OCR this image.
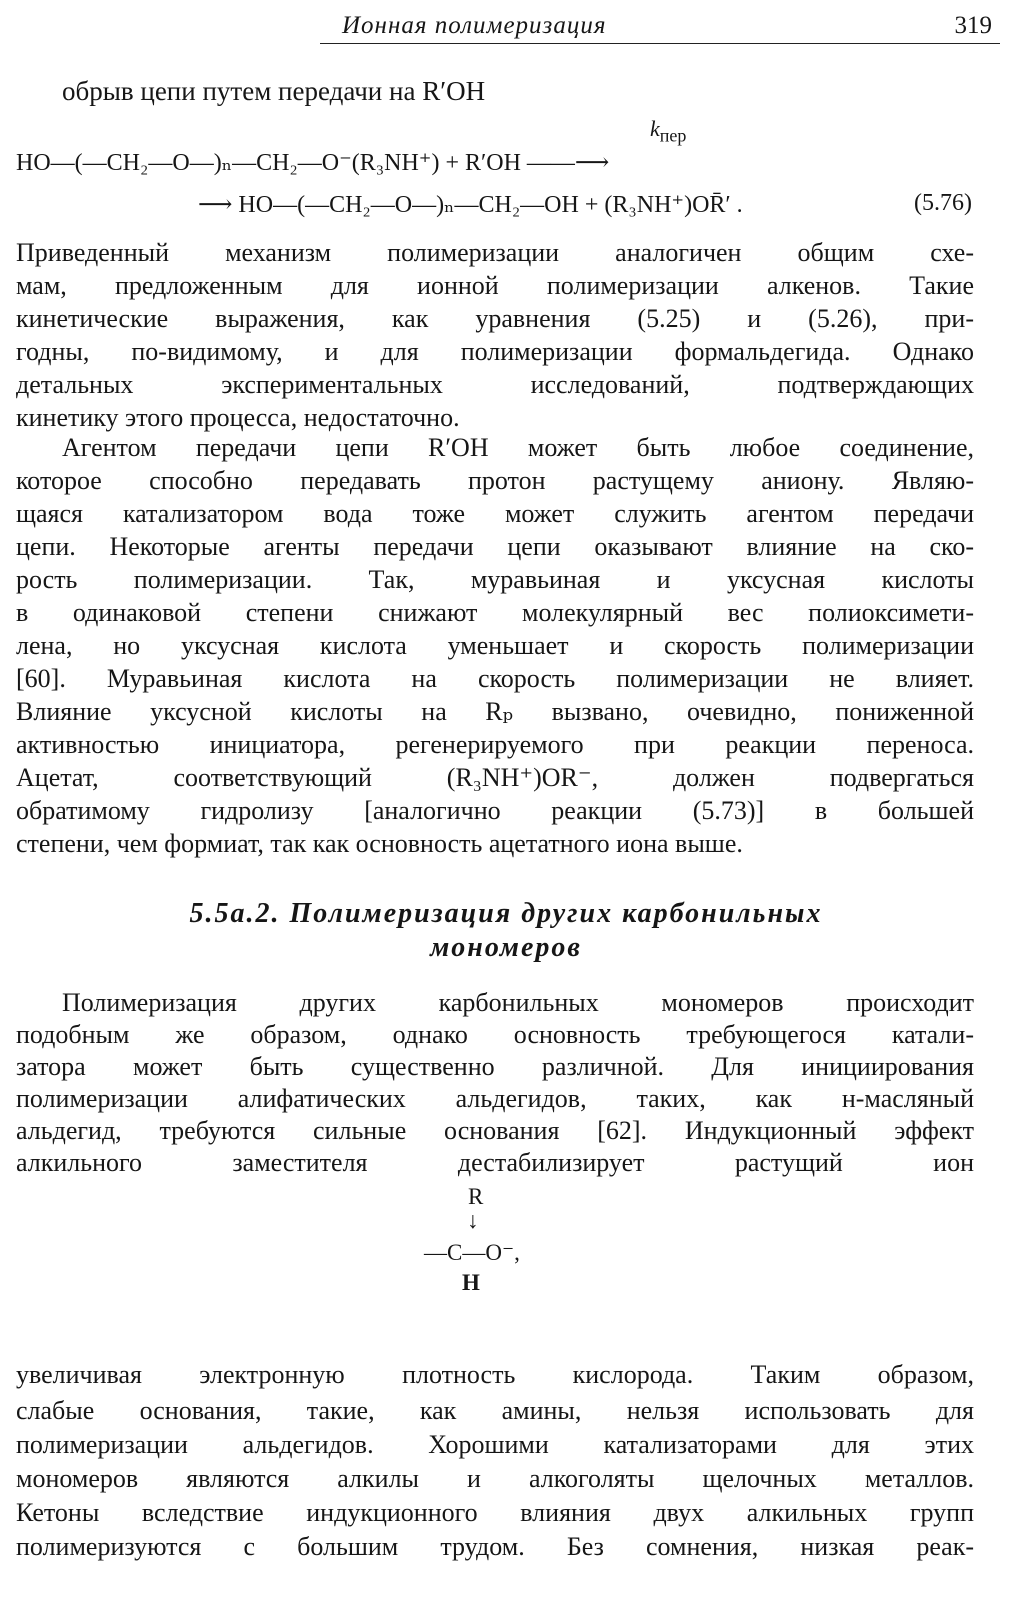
Ионная полимеризация	319
обрыв цепи путем передачи на R′OH
$k_{пер}$
HO—(—CH₂—O—)ₙ—CH₂—O⁻(R₃NH⁺) + R′OH ——⟶
⟶ HO—(—CH₂—O—)ₙ—CH₂—OH + (R₃NH⁺)OR̄′ .	(5.76)
Приведенный механизм полимеризации аналогичен общим схе-
мам, предложенным для ионной полимеризации алкенов. Такие
кинетические выражения, как уравнения (5.25) и (5.26), при-
годны, по-видимому, и для полимеризации формальдегида. Однако
детальных экспериментальных исследований, подтверждающих
кинетику этого процесса, недостаточно.
Агентом передачи цепи R′OH может быть любое соединение,
которое способно передавать протон растущему аниону. Являю-
щаяся катализатором вода тоже может служить агентом передачи
цепи. Некоторые агенты передачи цепи оказывают влияние на ско-
рость полимеризации. Так, муравьиная и уксусная кислоты
в одинаковой степени снижают молекулярный вес полиоксимети-
лена, но уксусная кислота уменьшает и скорость полимеризации
[60]. Муравьиная кислота на скорость полимеризации не влияет.
Влияние уксусной кислоты на Rₚ вызвано, очевидно, пониженной
активностью инициатора, регенерируемого при реакции переноса.
Ацетат, соответствующий (R₃NH⁺)OR⁻, должен подвергаться
обратимому гидролизу [аналогично реакции (5.73)] в большей
степени, чем формиат, так как основность ацетатного иона выше.
5.5а.2. Полимеризация других карбонильных
мономеров
Полимеризация других карбонильных мономеров происходит
подобным же образом, однако основность требующегося катали-
затора может быть существенно различной. Для инициирования
полимеризации алифатических альдегидов, таких, как н-масляный
альдегид, требуются сильные основания [62]. Индукционный эффект
алкильного заместителя дестабилизирует растущий ион
R
↓
—C—O⁻,
H
увеличивая электронную плотность кислорода. Таким образом,
слабые основания, такие, как амины, нельзя использовать для
полимеризации альдегидов. Хорошими катализаторами для этих
мономеров являются алкилы и алкоголяты щелочных металлов.
Кетоны вследствие индукционного влияния двух алкильных групп
полимеризуются с большим трудом. Без сомнения, низкая реак-
